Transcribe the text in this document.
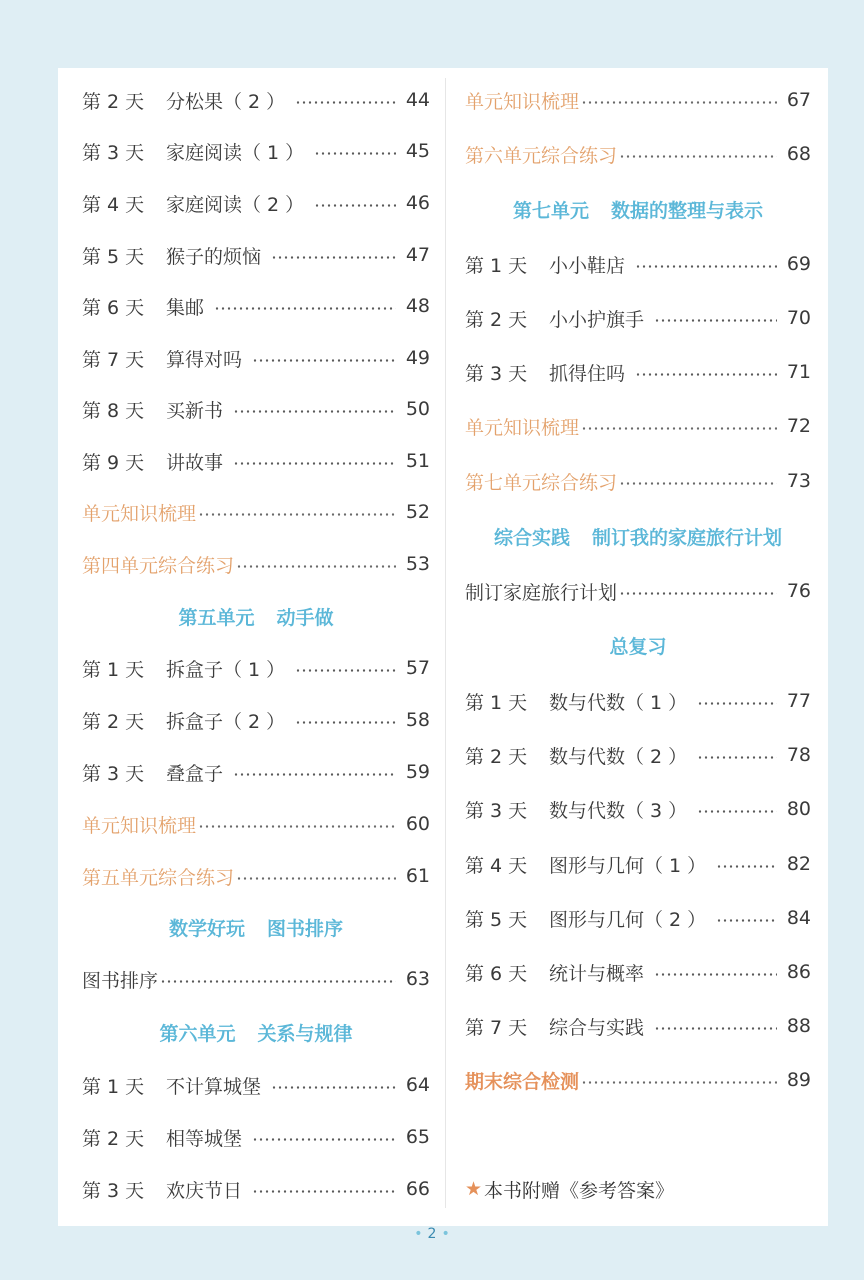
第 2 天	分松果（ 2 ）	44
第 3 天	家庭阅读（ 1 ）	45
第 4 天	家庭阅读（ 2 ）	46
第 5 天	猴子的烦恼	47
第 6 天	集邮	48
第 7 天	算得对吗	49
第 8 天	买新书	50
第 9 天	讲故事	51
单元知识梳理	52
第四单元综合练习	53
第五单元 动手做
第 1 天	拆盒子（ 1 ）	57
第 2 天	拆盒子（ 2 ）	58
第 3 天	叠盒子	59
单元知识梳理	60
第五单元综合练习	61
数学好玩 图书排序
图书排序	63
第六单元 关系与规律
第 1 天	不计算城堡	64
第 2 天	相等城堡	65
第 3 天	欢庆节日	66 ★ 本书附赠《参考答案》
单元知识梳理	67
第六单元综合练习	68
第七单元 数据的整理与表示
第 1 天	小小鞋店	69
第 2 天	小小护旗手	70
第 3 天	抓得住吗	71
单元知识梳理	72
第七单元综合练习	73
综合实践 制订我的家庭旅行计划
制订家庭旅行计划	76
总复习
第 1 天	数与代数（ 1 ）	77
第 2 天	数与代数（ 2 ）	78
第 3 天	数与代数（ 3 ）	80
第 4 天	图形与几何（ 1 ）	82
第 5 天	图形与几何（ 2 ）	84
第 6 天	统计与概率	86
第 7 天	综合与实践	88
期末综合检测	89
• 2 •
